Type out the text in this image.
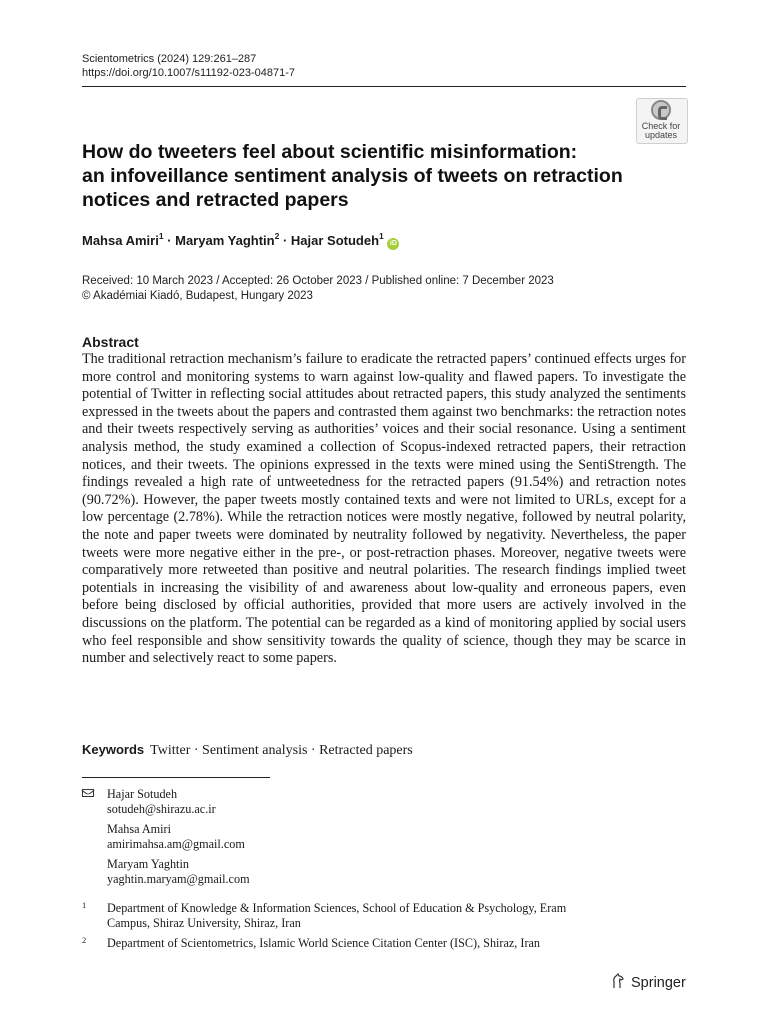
Scientometrics (2024) 129:261–287
https://doi.org/10.1007/s11192-023-04871-7
Check for
updates
How do tweeters feel about scientific misinformation:
an infoveillance sentiment analysis of tweets on retraction
notices and retracted papers
Mahsa Amiri$^1$ · Maryam Yaghtin$^2$ · Hajar Sotudeh$^1$ iD
Received: 10 March 2023 / Accepted: 26 October 2023 / Published online: 7 December 2023
© Akadémiai Kiadó, Budapest, Hungary 2023
Abstract
The traditional retraction mechanism’s failure to eradicate the retracted papers’ continued effects urges for more control and monitoring systems to warn against low-quality and flawed papers. To investigate the potential of Twitter in reflecting social attitudes about retracted papers, this study analyzed the sentiments expressed in the tweets about the papers and contrasted them against two benchmarks: the retraction notes and their tweets respectively serving as authorities’ voices and their social resonance. Using a sentiment analysis method, the study examined a collection of Scopus-indexed retracted papers, their retraction notices, and their tweets. The opinions expressed in the texts were mined using the SentiStrength. The findings revealed a high rate of untweetedness for the retracted papers (91.54%) and retraction notes (90.72%). However, the paper tweets mostly contained texts and were not limited to URLs, except for a low percentage (2.78%). While the retraction notices were mostly negative, followed by neutral polarity, the note and paper tweets were dominated by neutrality followed by negativity. Nevertheless, the paper tweets were more negative either in the pre-, or post-retraction phases. Moreover, negative tweets were comparatively more retweeted than positive and neutral polarities. The research findings implied tweet potentials in increasing the visibility of and awareness about low-quality and erroneous papers, even before being disclosed by official authorities, provided that more users are actively involved in the discussions on the platform. The potential can be regarded as a kind of monitoring applied by social users who feel responsible and show sensitivity towards the quality of science, though they may be scarce in number and selectively react to some papers.
Keywords Twitter · Sentiment analysis · Retracted papers
Hajar Sotudeh
sotudeh@shirazu.ac.ir
Mahsa Amiri
amirimahsa.am@gmail.com
Maryam Yaghtin
yaghtin.maryam@gmail.com
1 Department of Knowledge & Information Sciences, School of Education & Psychology, Eram
Campus, Shiraz University, Shiraz, Iran
2 Department of Scientometrics, Islamic World Science Citation Center (ISC), Shiraz, Iran
Springer
